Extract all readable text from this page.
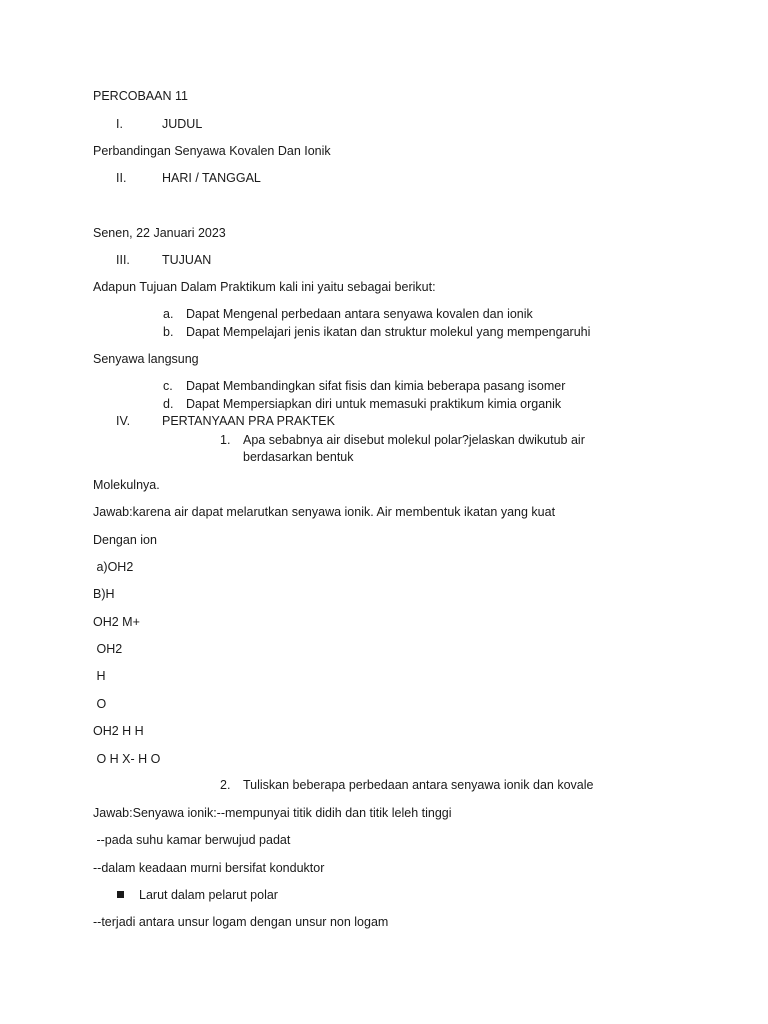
PERCOBAAN 11
I.	JUDUL
Perbandingan Senyawa Kovalen Dan Ionik
II.	HARI / TANGGAL
Senen, 22 Januari 2023
III.	TUJUAN
Adapun Tujuan Dalam Praktikum kali ini yaitu sebagai berikut:
a. Dapat Mengenal perbedaan antara senyawa kovalen dan ionik
b. Dapat Mempelajari jenis ikatan dan struktur molekul yang mempengaruhi
Senyawa langsung
c. Dapat Membandingkan sifat fisis dan kimia beberapa pasang isomer
d. Dapat Mempersiapkan diri untuk memasuki praktikum kimia organik
IV.	PERTANYAAN PRA PRAKTEK
1. Apa sebabnya air disebut molekul polar?jelaskan dwikutub air
berdasarkan bentuk
Molekulnya.
Jawab:karena air dapat melarutkan senyawa ionik. Air membentuk ikatan yang kuat
Dengan ion
a)OH2
B)H
OH2 M+
OH2
H
O
OH2 H H
O H X- H O
2. Tuliskan beberapa perbedaan antara senyawa ionik dan kovale
Jawab:Senyawa ionik:--mempunyai titik didih dan titik leleh tinggi
--pada suhu kamar berwujud padat
--dalam keadaan murni bersifat konduktor
Larut dalam pelarut polar
--terjadi antara unsur logam dengan unsur non logam
